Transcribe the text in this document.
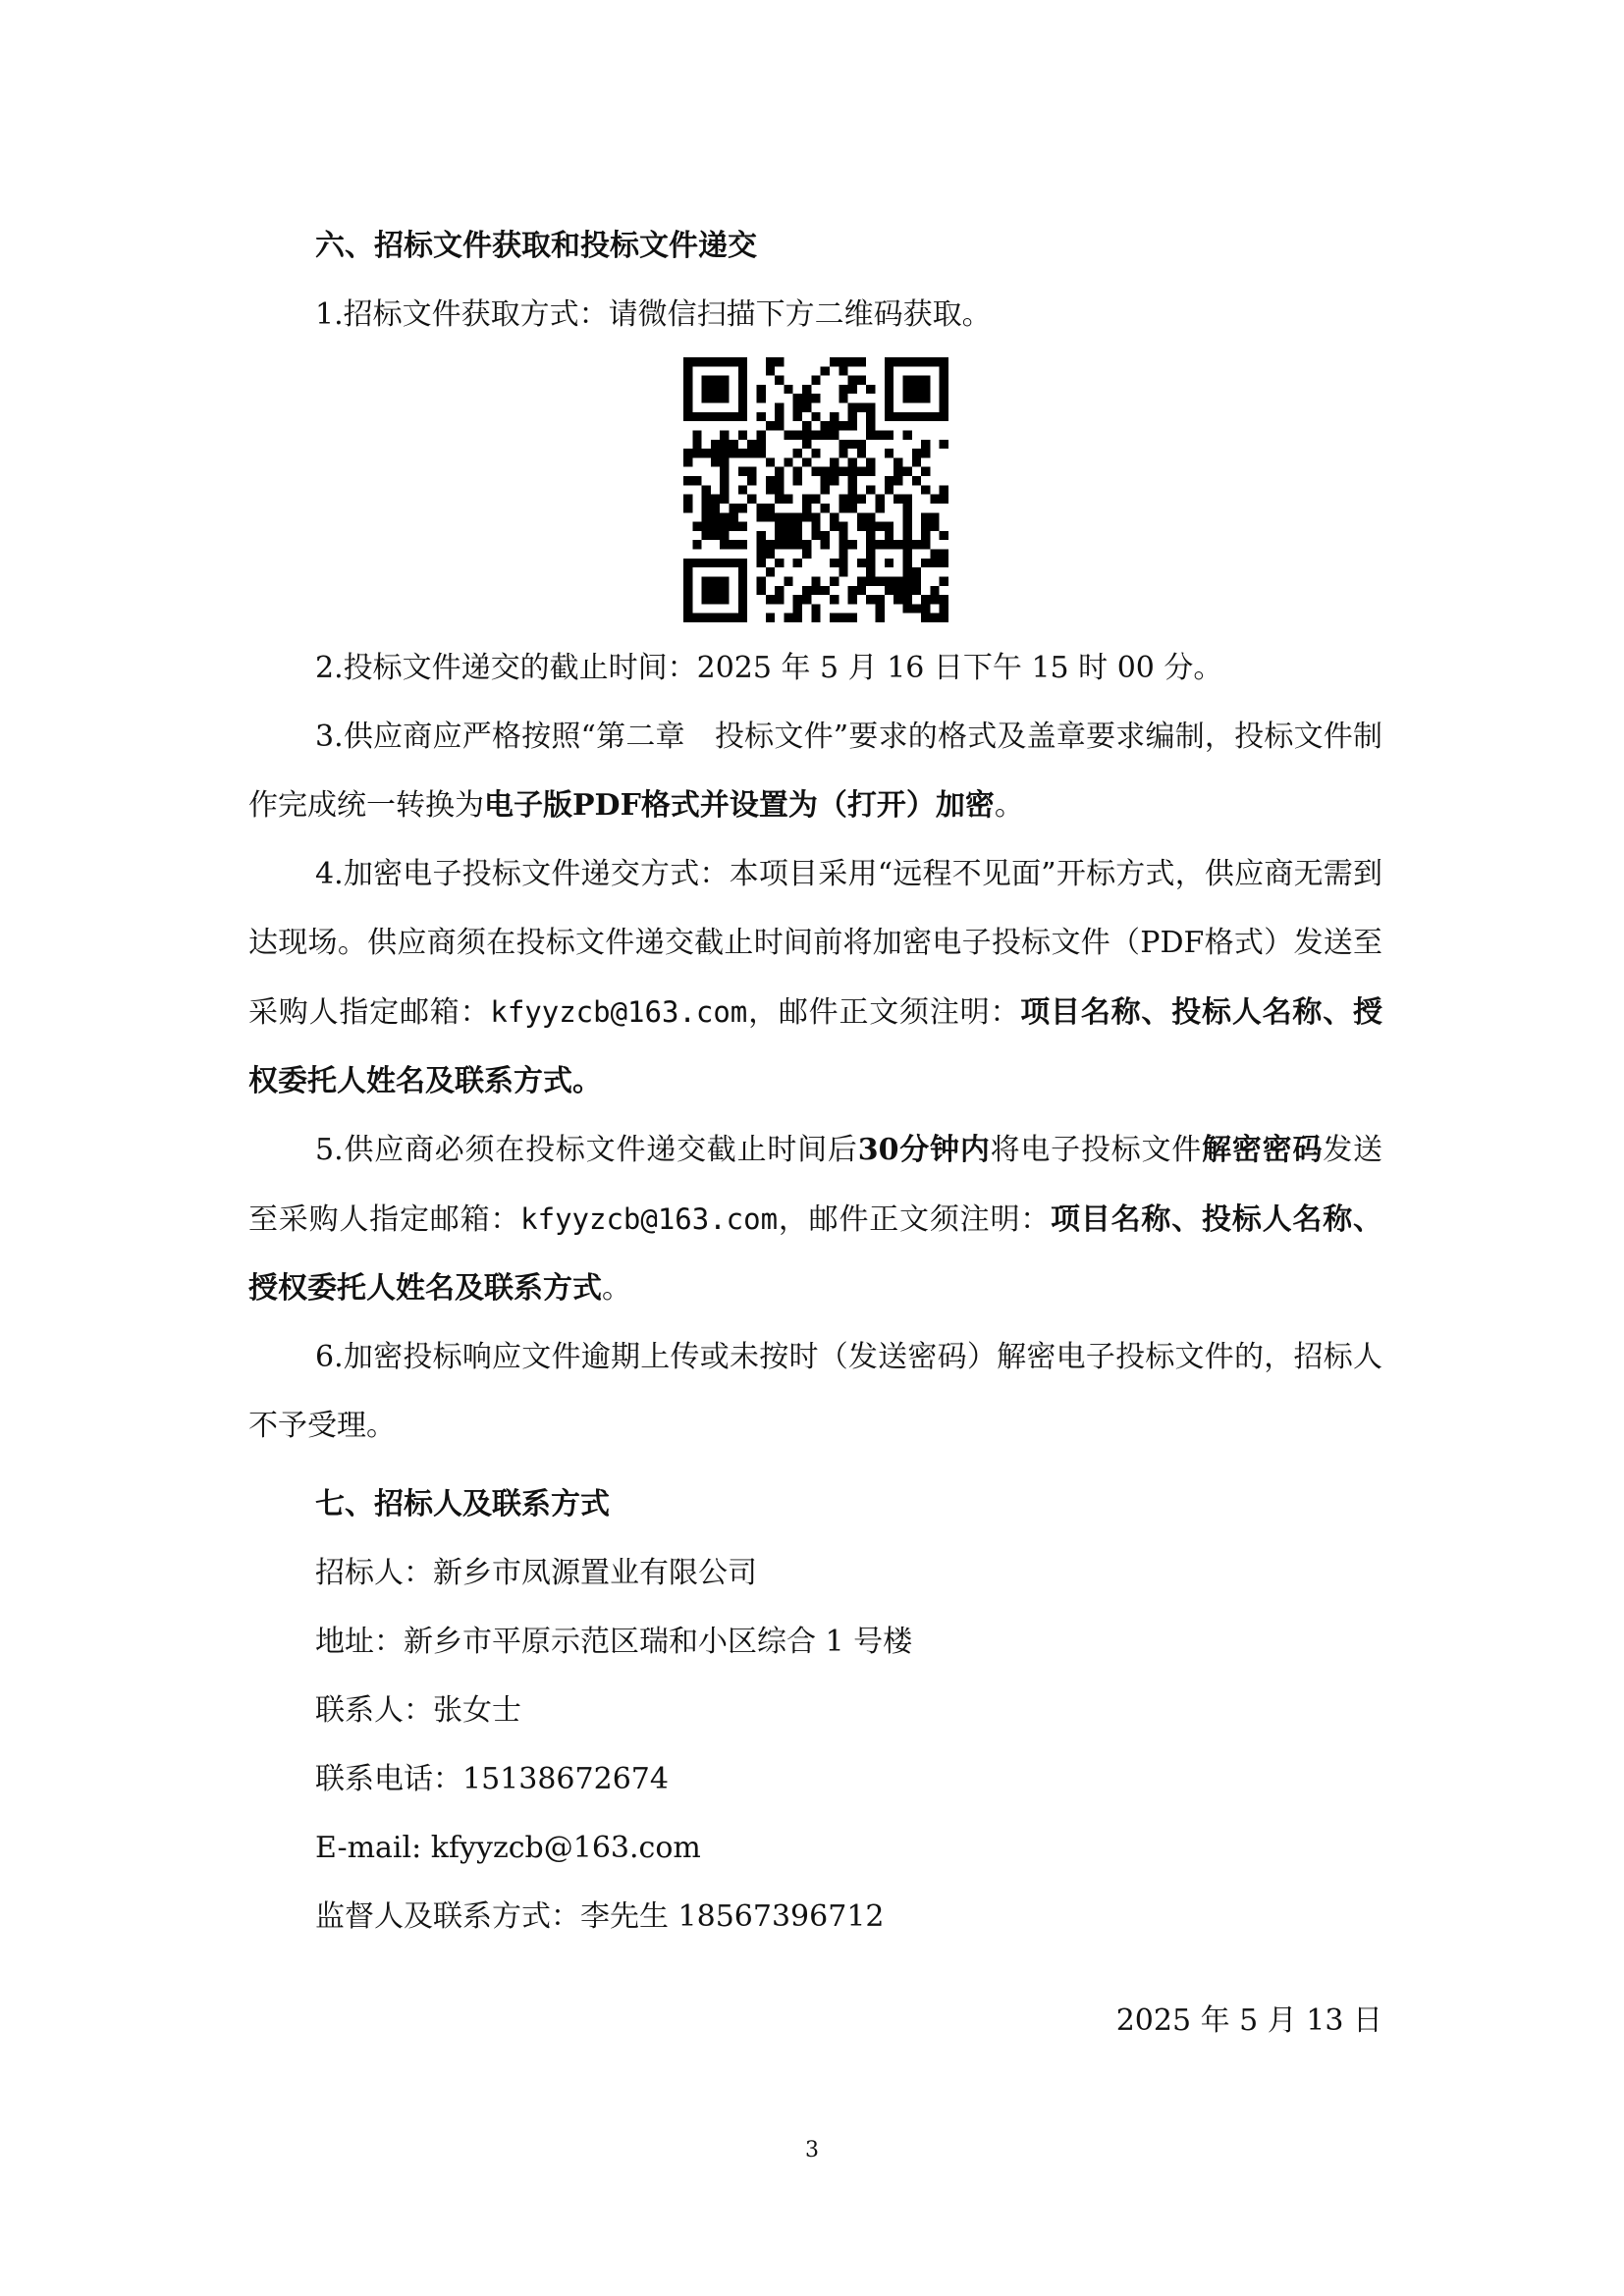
六、招标文件获取和投标文件递交

1.招标文件获取方式：请微信扫描下方二维码获取。

2.投标文件递交的截止时间：2025 年 5 月 16 日下午 15 时 00 分。

3.供应商应严格按照“第二章　投标文件”要求的格式及盖章要求编制，投标文件制作完成统一转换为电子版PDF格式并设置为（打开）加密。

4.加密电子投标文件递交方式：本项目采用“远程不见面”开标方式，供应商无需到达现场。供应商须在投标文件递交截止时间前将加密电子投标文件（PDF格式）发送至采购人指定邮箱：kfyyzcb@163.com，邮件正文须注明：项目名称、投标人名称、授权委托人姓名及联系方式。

5.供应商必须在投标文件递交截止时间后30分钟内将电子投标文件解密密码发送至采购人指定邮箱：kfyyzcb@163.com，邮件正文须注明：项目名称、投标人名称、授权委托人姓名及联系方式。

6.加密投标响应文件逾期上传或未按时（发送密码）解密电子投标文件的，招标人不予受理。

七、招标人及联系方式

招标人：新乡市凤源置业有限公司

地址：新乡市平原示范区瑞和小区综合 1 号楼

联系人：张女士

联系电话：15138672674

E-mail: kfyyzcb@163.com

监督人及联系方式：李先生 18567396712

2025 年 5 月 13 日

3
